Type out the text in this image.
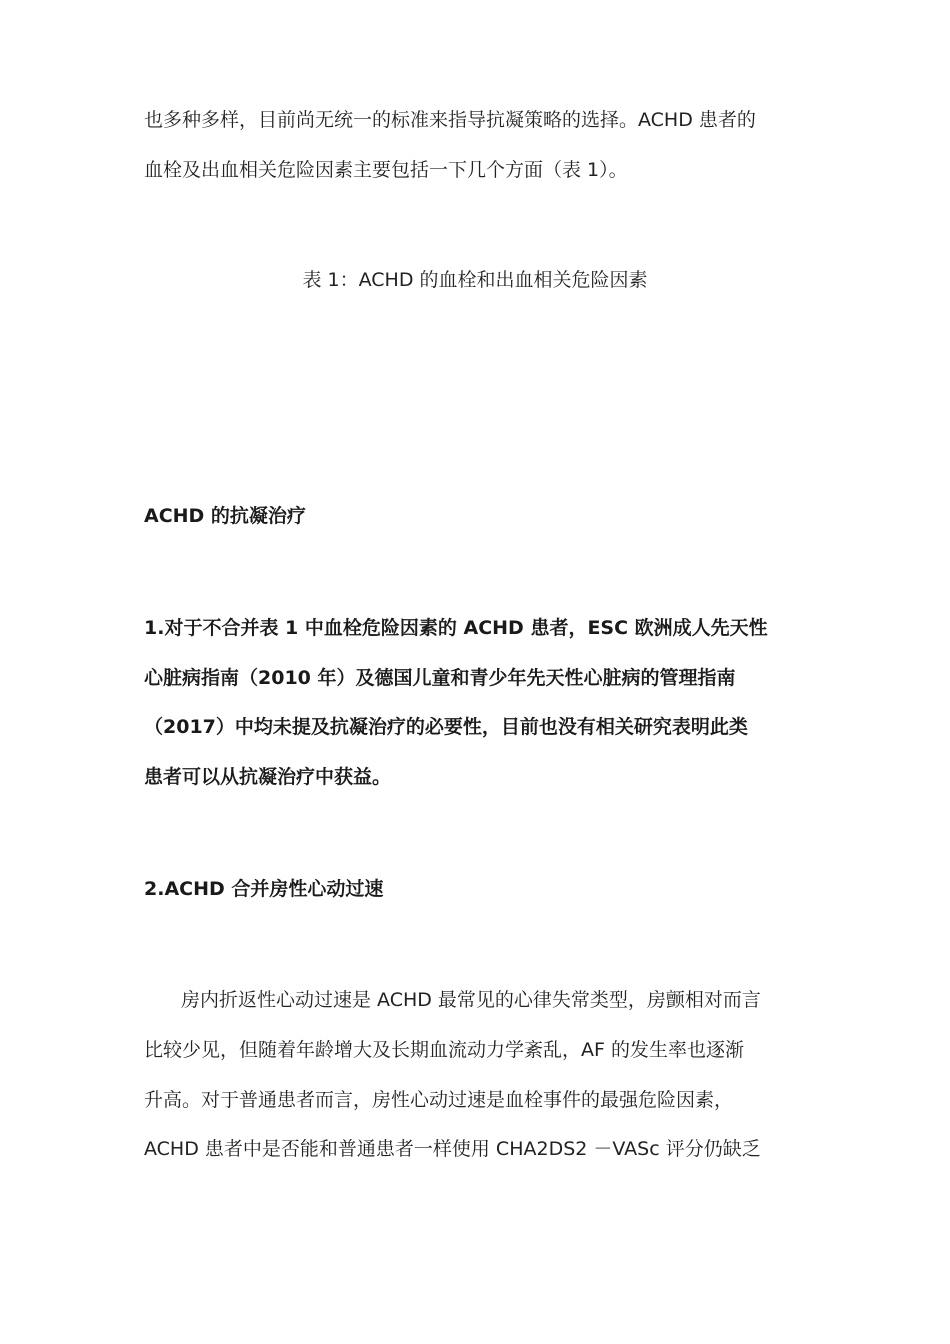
也多种多样，目前尚无统一的标准来指导抗凝策略的选择。ACHD 患者的
血栓及出血相关危险因素主要包括一下几个方面（表 1）。
表 1：ACHD 的血栓和出血相关危险因素
ACHD 的抗凝治疗
1.对于不合并表 1 中血栓危险因素的 ACHD 患者，ESC 欧洲成人先天性
心脏病指南（2010 年）及德国儿童和青少年先天性心脏病的管理指南
（2017）中均未提及抗凝治疗的必要性，目前也没有相关研究表明此类
患者可以从抗凝治疗中获益。
2.ACHD 合并房性心动过速
房内折返性心动过速是 ACHD 最常见的心律失常类型，房颤相对而言
比较少见，但随着年龄增大及长期血流动力学紊乱，AF 的发生率也逐渐
升高。对于普通患者而言，房性心动过速是血栓事件的最强危险因素，
ACHD 患者中是否能和普通患者一样使用 CHA2DS2 －VASc 评分仍缺乏
